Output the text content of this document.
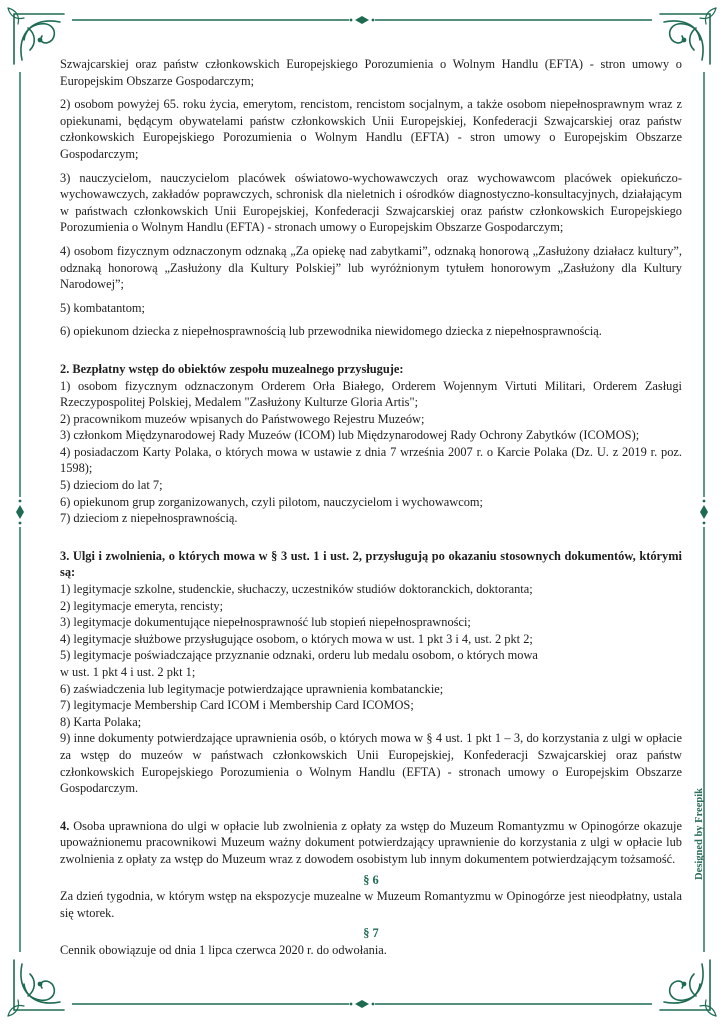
Szwajcarskiej oraz państw członkowskich Europejskiego Porozumienia o Wolnym Handlu (EFTA) - stron umowy o Europejskim Obszarze Gospodarczym;

2) osobom powyżej 65. roku życia, emerytom, rencistom, rencistom socjalnym, a także osobom niepełnosprawnym wraz z opiekunami, będącym obywatelami państw członkowskich Unii Europejskiej, Konfederacji Szwajcarskiej oraz państw członkowskich Europejskiego Porozumienia o Wolnym Handlu (EFTA) - stron umowy o Europejskim Obszarze Gospodarczym;

3) nauczycielom, nauczycielom placówek oświatowo-wychowawczych oraz wychowawcom placówek opiekuńczo-wychowawczych, zakładów poprawczych, schronisk dla nieletnich i ośrodków diagnostyczno-konsultacyjnych, działającym w państwach członkowskich Unii Europejskiej, Konfederacji Szwajcarskiej oraz państw członkowskich Europejskiego Porozumienia o Wolnym Handlu (EFTA) - stronach umowy o Europejskim Obszarze Gospodarczym;

4) osobom fizycznym odznaczonym odznaką „Za opiekę nad zabytkami”, odznaką honorową „Zasłużony działacz kultury”, odznaką honorową „Zasłużony dla Kultury Polskiej” lub wyróżnionym tytułem honorowym „Zasłużony dla Kultury Narodowej”;

5) kombatantom;

6) opiekunom dziecka z niepełnosprawnością lub przewodnika niewidomego dziecka z niepełnosprawnością.

2. Bezpłatny wstęp do obiektów zespołu muzealnego przysługuje:

1) osobom fizycznym odznaczonym Orderem Orła Białego, Orderem Wojennym Virtuti Militari, Orderem Zasługi Rzeczypospolitej Polskiej, Medalem "Zasłużony Kulturze Gloria Artis";

2) pracownikom muzeów wpisanych do Państwowego Rejestru Muzeów;

3) członkom Międzynarodowej Rady Muzeów (ICOM) lub Międzynarodowej Rady Ochrony Zabytków (ICOMOS);

4) posiadaczom Karty Polaka, o których mowa w ustawie z dnia 7 września 2007 r. o Karcie Polaka (Dz. U. z 2019 r. poz. 1598);

5) dzieciom do lat 7;

6) opiekunom grup zorganizowanych, czyli pilotom, nauczycielom i wychowawcom;

7) dzieciom z niepełnosprawnością.

3. Ulgi i zwolnienia, o których mowa w § 3 ust. 1 i ust. 2, przysługują po okazaniu stosownych dokumentów, którymi są:

1) legitymacje szkolne, studenckie, słuchaczy, uczestników studiów doktoranckich, doktoranta;

2) legitymacje emeryta, rencisty;

3) legitymacje dokumentujące niepełnosprawność lub stopień niepełnosprawności;

4) legitymacje służbowe przysługujące osobom, o których mowa w ust. 1 pkt 3 i 4, ust. 2 pkt 2;

5) legitymacje poświadczające przyznanie odznaki, orderu lub medalu osobom, o których mowa

w ust. 1 pkt 4 i ust. 2 pkt 1;

6) zaświadczenia lub legitymacje potwierdzające uprawnienia kombatanckie;

7) legitymacje Membership Card ICOM i Membership Card ICOMOS;

8) Karta Polaka;

9) inne dokumenty potwierdzające uprawnienia osób, o których mowa w § 4 ust. 1 pkt 1 – 3, do korzystania z ulgi w opłacie za wstęp do muzeów w państwach członkowskich Unii Europejskiej, Konfederacji Szwajcarskiej oraz państw członkowskich Europejskiego Porozumienia o Wolnym Handlu (EFTA) - stronach umowy o Europejskim Obszarze Gospodarczym.

4. Osoba uprawniona do ulgi w opłacie lub zwolnienia z opłaty za wstęp do Muzeum Romantyzmu w Opinogórze okazuje upoważnionemu pracownikowi Muzeum ważny dokument potwierdzający uprawnienie do korzystania z ulgi w opłacie lub zwolnienia z opłaty za wstęp do Muzeum wraz z dowodem osobistym lub innym dokumentem potwierdzającym tożsamość.

§ 6

Za dzień tygodnia, w którym wstęp na ekspozycje muzealne w Muzeum Romantyzmu w Opinogórze jest nieodpłatny, ustala się wtorek.

§ 7

Cennik obowiązuje od dnia 1 lipca czerwca 2020 r. do odwołania.

Designed by Freepik
